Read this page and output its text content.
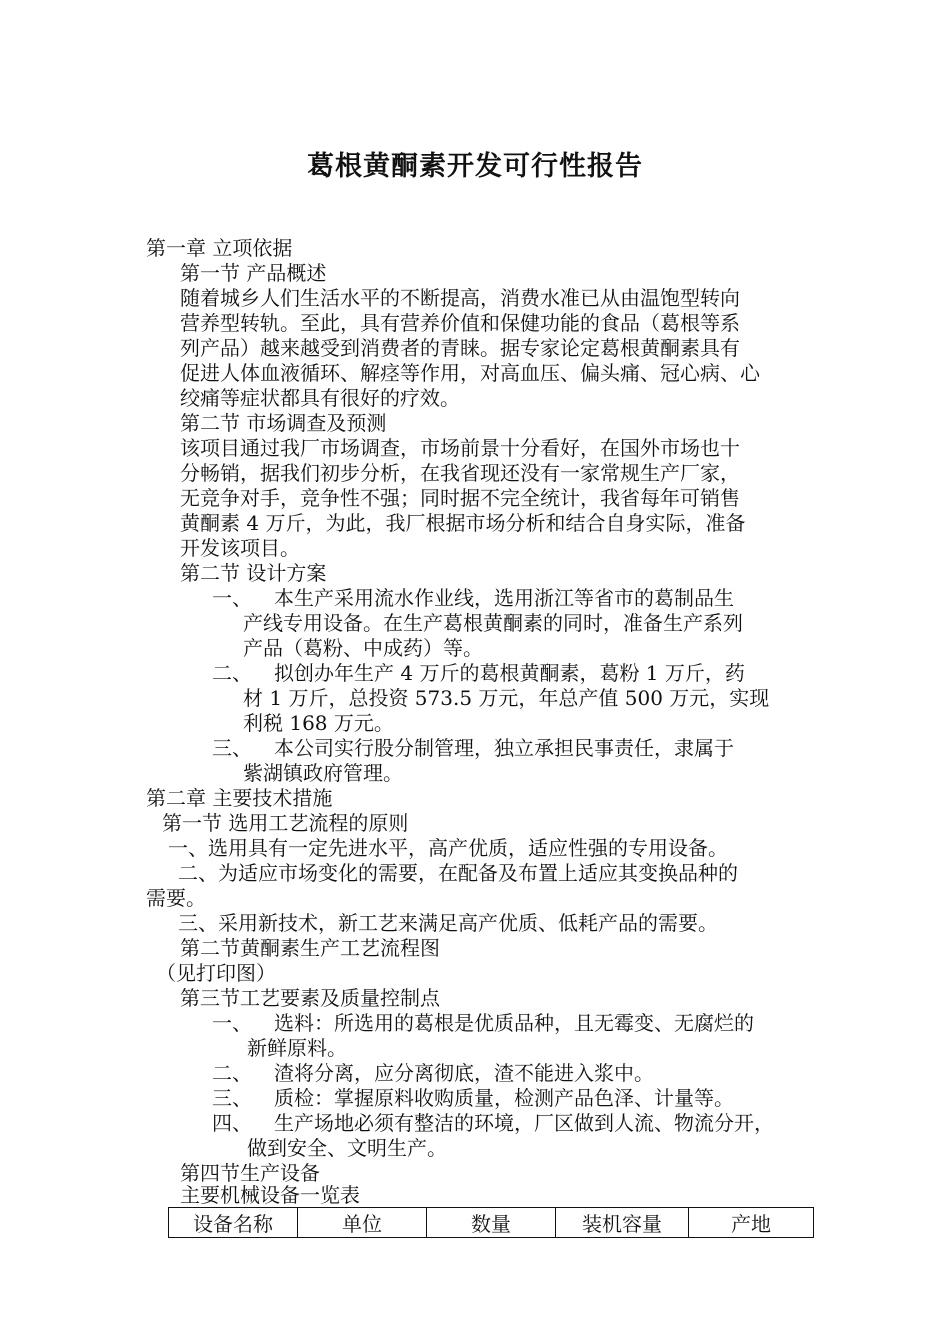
葛根黄酮素开发可行性报告
第一章 立项依据
第一节 产品概述
随着城乡人们生活水平的不断提高，消费水准已从由温饱型转向
营养型转轨。至此，具有营养价值和保健功能的食品（葛根等系
列产品）越来越受到消费者的青睐。据专家论定葛根黄酮素具有
促进人体血液循环、解痉等作用，对高血压、偏头痛、冠心病、心
绞痛等症状都具有很好的疗效。
第二节 市场调查及预测
该项目通过我厂市场调查，市场前景十分看好，在国外市场也十
分畅销，据我们初步分析，在我省现还没有一家常规生产厂家，
无竞争对手，竞争性不强；同时据不完全统计，我省每年可销售
黄酮素 4 万斤，为此，我厂根据市场分析和结合自身实际，准备
开发该项目。
第二节 设计方案
一、 本生产采用流水作业线，选用浙江等省市的葛制品生
产线专用设备。在生产葛根黄酮素的同时，准备生产系列
产品（葛粉、中成药）等。
二、 拟创办年生产 4 万斤的葛根黄酮素，葛粉 1 万斤，药
材 1 万斤，总投资 573.5 万元，年总产值 500 万元，实现
利税 168 万元。
三、 本公司实行股分制管理，独立承担民事责任，隶属于
紫湖镇政府管理。
第二章 主要技术措施
第一节 选用工艺流程的原则
一、选用具有一定先进水平，高产优质，适应性强的专用设备。
二、为适应市场变化的需要，在配备及布置上适应其变换品种的
需要。
三、采用新技术，新工艺来满足高产优质、低耗产品的需要。
第二节黄酮素生产工艺流程图
（见打印图）
第三节工艺要素及质量控制点
一、 选料：所选用的葛根是优质品种，且无霉变、无腐烂的
新鲜原料。
二、 渣将分离，应分离彻底，渣不能进入浆中。
三、 质检：掌握原料收购质量，检测产品色泽、计量等。
四、 生产场地必须有整洁的环境，厂区做到人流、物流分开，
做到安全、文明生产。
第四节生产设备
主要机械设备一览表
设备名称	单位	数量	装机容量	产地
